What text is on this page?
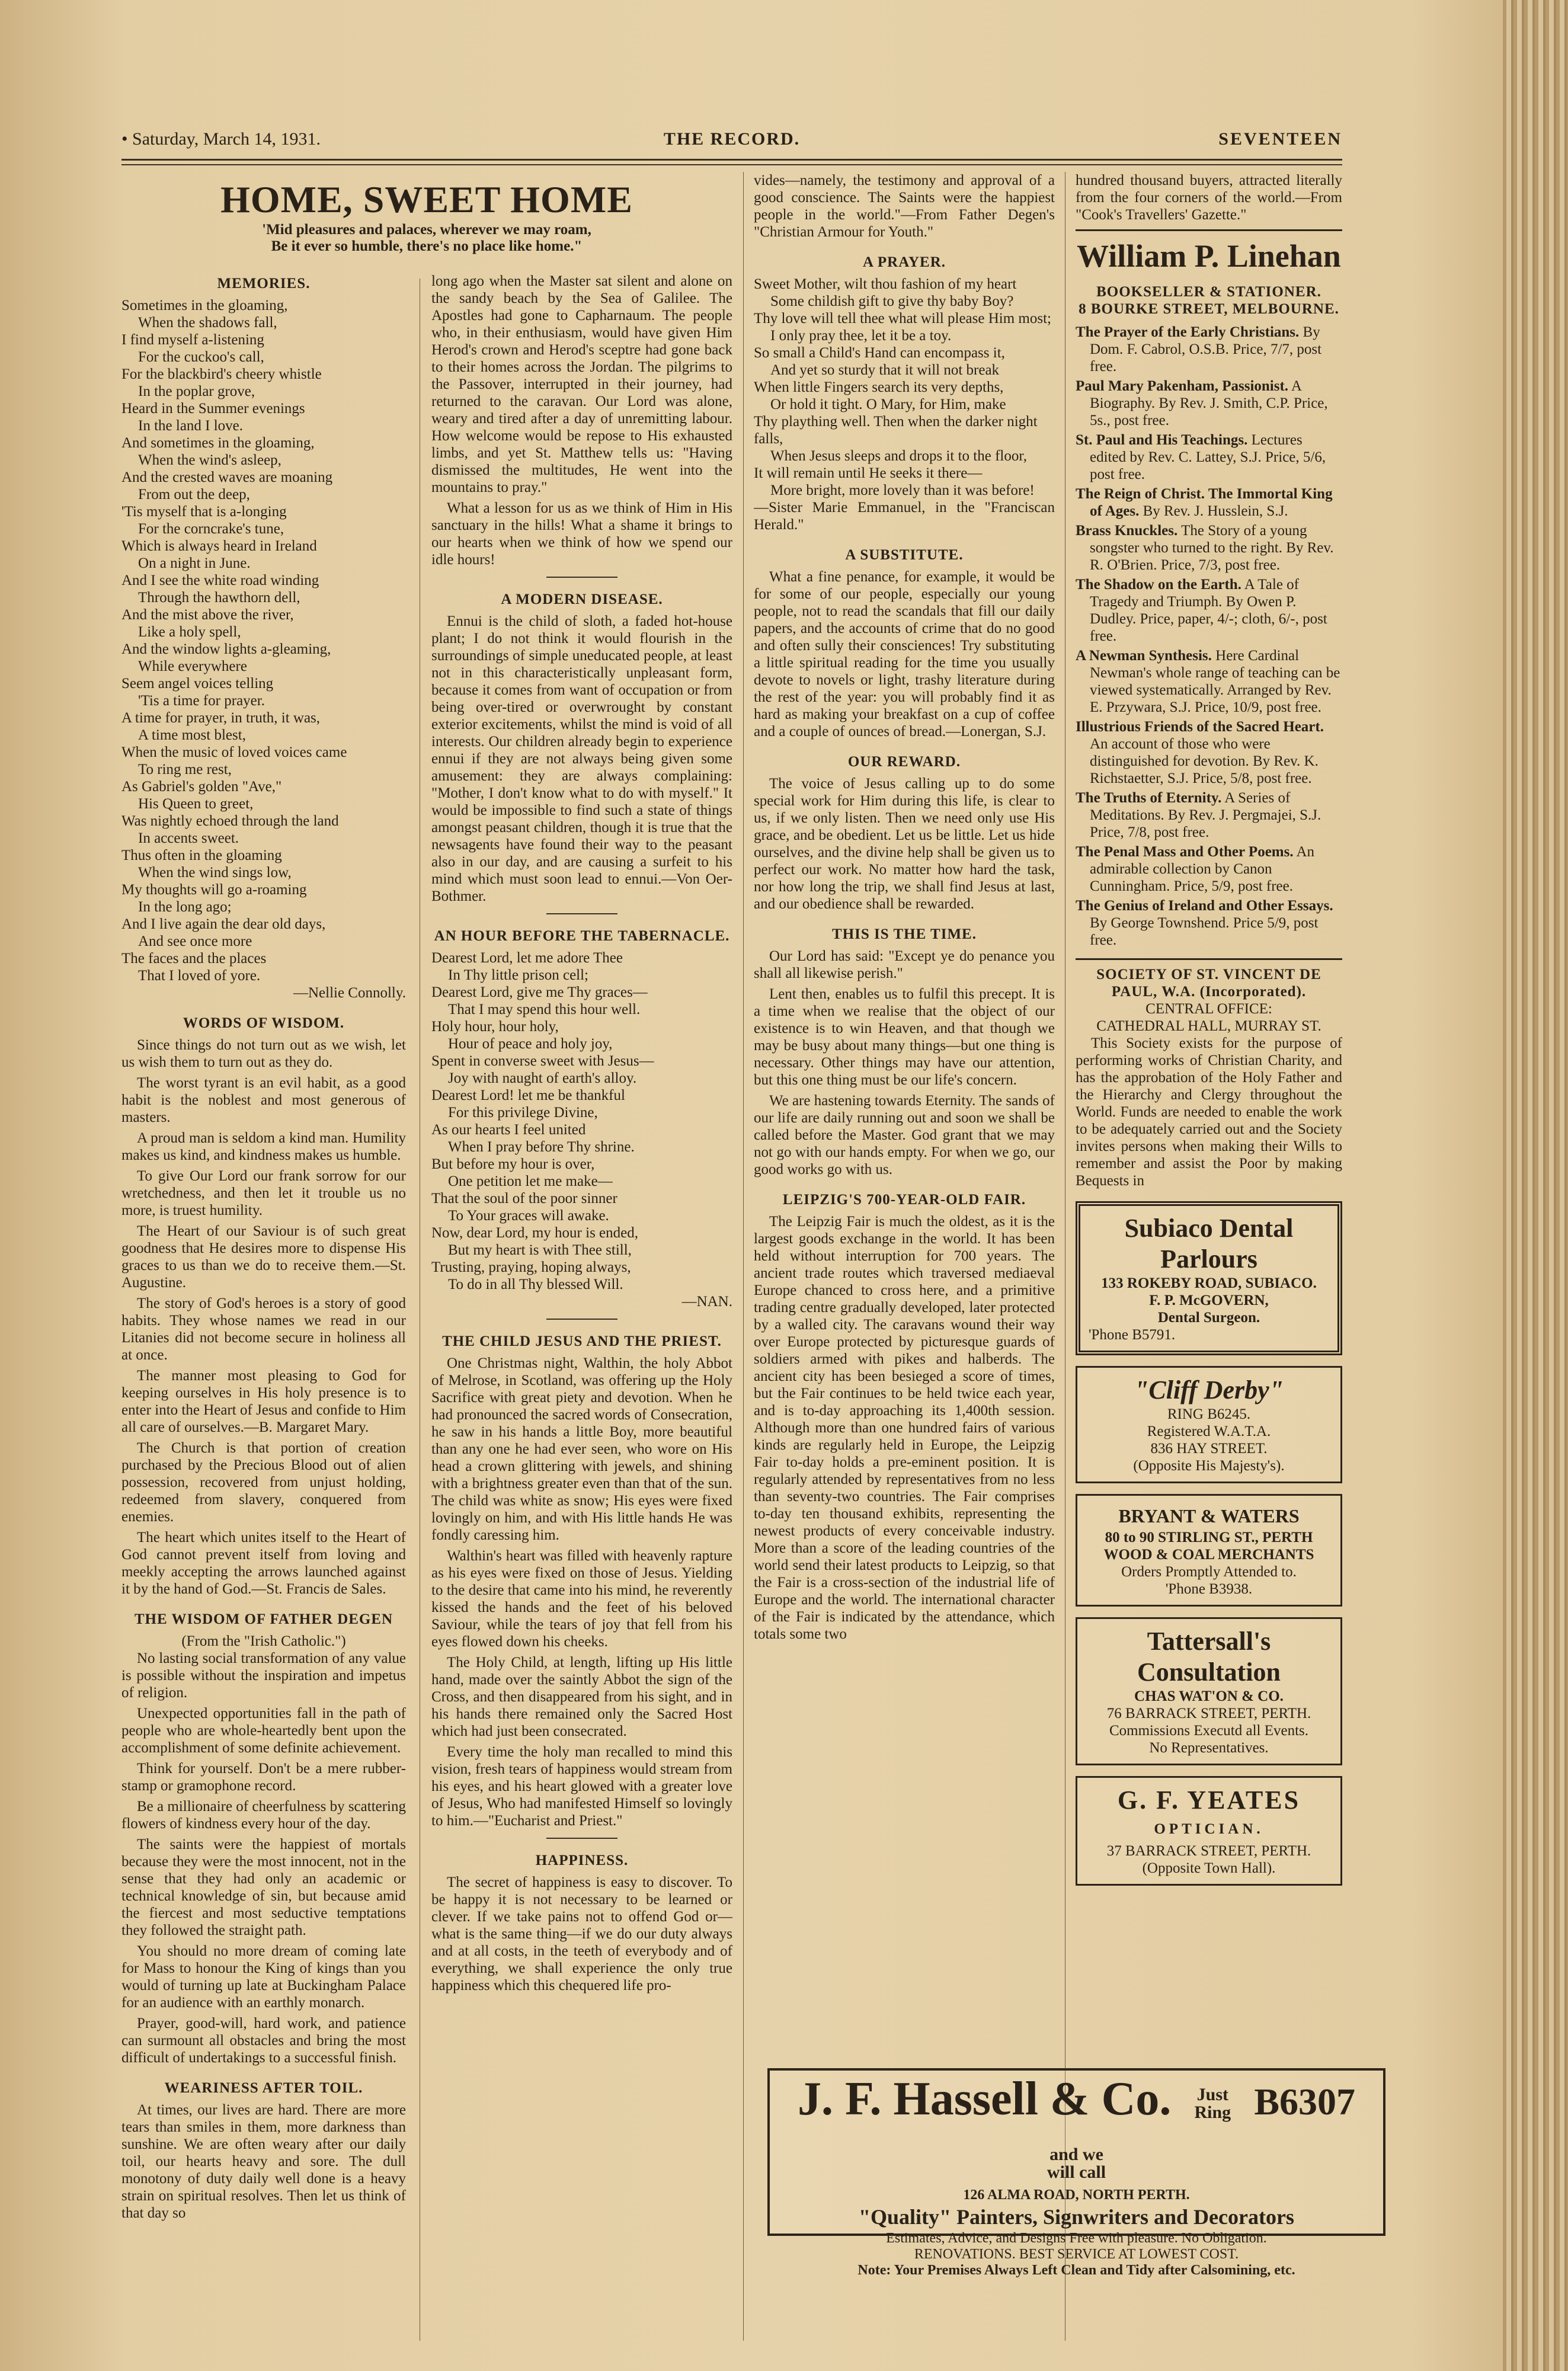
• Saturday, March 14, 1931.	THE RECORD.	SEVENTEEN
HOME, SWEET HOME
'Mid pleasures and palaces, wherever we may roam,
Be it ever so humble, there's no place like home."
MEMORIES.

Sometimes in the gloaming,

When the shadows fall,

I find myself a-listening

For the cuckoo's call,

For the blackbird's cheery whistle

In the poplar grove,

Heard in the Summer evenings

In the land I love.

And sometimes in the gloaming,

When the wind's asleep,

And the crested waves are moaning

From out the deep,

'Tis myself that is a-longing

For the corncrake's tune,

Which is always heard in Ireland

On a night in June.

And I see the white road winding

Through the hawthorn dell,

And the mist above the river,

Like a holy spell,

And the window lights a-gleaming,

While everywhere

Seem angel voices telling

'Tis a time for prayer.

A time for prayer, in truth, it was,

A time most blest,

When the music of loved voices came

To ring me rest,

As Gabriel's golden "Ave,"

His Queen to greet,

Was nightly echoed through the land

In accents sweet.

Thus often in the gloaming

When the wind sings low,

My thoughts will go a-roaming

In the long ago;

And I live again the dear old days,

And see once more

The faces and the places

That I loved of yore.

—Nellie Connolly.
WORDS OF WISDOM.

Since things do not turn out as we wish, let us wish them to turn out as they do.

The worst tyrant is an evil habit, as a good habit is the noblest and most generous of masters.

A proud man is seldom a kind man. Humility makes us kind, and kindness makes us humble.

To give Our Lord our frank sorrow for our wretchedness, and then let it trouble us no more, is truest humility.

The Heart of our Saviour is of such great goodness that He desires more to dispense His graces to us than we do to receive them.—St. Augustine.

The story of God's heroes is a story of good habits. They whose names we read in our Litanies did not become secure in holiness all at once.

The manner most pleasing to God for keeping ourselves in His holy presence is to enter into the Heart of Jesus and confide to Him all care of ourselves.—B. Margaret Mary.

The Church is that portion of creation purchased by the Precious Blood out of alien possession, recovered from unjust holding, redeemed from slavery, conquered from enemies.

The heart which unites itself to the Heart of God cannot prevent itself from loving and meekly accepting the arrows launched against it by the hand of God.—St. Francis de Sales.

THE WISDOM OF FATHER DEGEN
(From the "Irish Catholic.")

No lasting social transformation of any value is possible without the inspiration and impetus of religion.

Unexpected opportunities fall in the path of people who are whole-heartedly bent upon the accomplishment of some definite achievement.

Think for yourself. Don't be a mere rubber-stamp or gramophone record.

Be a millionaire of cheerfulness by scattering flowers of kindness every hour of the day.

The saints were the happiest of mortals because they were the most innocent, not in the sense that they had only an academic or technical knowledge of sin, but because amid the fiercest and most seductive temptations they followed the straight path.

You should no more dream of coming late for Mass to honour the King of kings than you would of turning up late at Buckingham Palace for an audience with an earthly monarch.

Prayer, good-will, hard work, and patience can surmount all obstacles and bring the most difficult of undertakings to a successful finish.

WEARINESS AFTER TOIL.

At times, our lives are hard. There are more tears than smiles in them, more darkness than sunshine. We are often weary after our daily toil, our hearts heavy and sore. The dull monotony of duty daily well done is a heavy strain on spiritual resolves. Then let us think of that day so

long ago when the Master sat silent and alone on the sandy beach by the Sea of Galilee. The Apostles had gone to Capharnaum. The people who, in their enthusiasm, would have given Him Herod's crown and Herod's sceptre had gone back to their homes across the Jordan. The pilgrims to the Passover, interrupted in their journey, had returned to the caravan. Our Lord was alone, weary and tired after a day of unremitting labour. How welcome would be repose to His exhausted limbs, and yet St. Matthew tells us: "Having dismissed the multitudes, He went into the mountains to pray."

What a lesson for us as we think of Him in His sanctuary in the hills! What a shame it brings to our hearts when we think of how we spend our idle hours!

A MODERN DISEASE.

Ennui is the child of sloth, a faded hot-house plant; I do not think it would flourish in the surroundings of simple uneducated people, at least not in this characteristically unpleasant form, because it comes from want of occupation or from being over-tired or overwrought by constant exterior excitements, whilst the mind is void of all interests. Our children already begin to experience ennui if they are not always being given some amusement: they are always complaining: "Mother, I don't know what to do with myself." It would be impossible to find such a state of things amongst peasant children, though it is true that the newsagents have found their way to the peasant also in our day, and are causing a surfeit to his mind which must soon lead to ennui.—Von Oer-Bothmer.

AN HOUR BEFORE THE TABERNACLE.

Dearest Lord, let me adore Thee

In Thy little prison cell;

Dearest Lord, give me Thy graces—

That I may spend this hour well.

Holy hour, hour holy,

Hour of peace and holy joy,

Spent in converse sweet with Jesus—

Joy with naught of earth's alloy.

Dearest Lord! let me be thankful

For this privilege Divine,

As our hearts I feel united

When I pray before Thy shrine.

But before my hour is over,

One petition let me make—

That the soul of the poor sinner

To Your graces will awake.

Now, dear Lord, my hour is ended,

But my heart is with Thee still,

Trusting, praying, hoping always,

To do in all Thy blessed Will.

—NAN.
THE CHILD JESUS AND THE PRIEST.

One Christmas night, Walthin, the holy Abbot of Melrose, in Scotland, was offering up the Holy Sacrifice with great piety and devotion. When he had pronounced the sacred words of Consecration, he saw in his hands a little Boy, more beautiful than any one he had ever seen, who wore on His head a crown glittering with jewels, and shining with a brightness greater even than that of the sun. The child was white as snow; His eyes were fixed lovingly on him, and with His little hands He was fondly caressing him.

Walthin's heart was filled with heavenly rapture as his eyes were fixed on those of Jesus. Yielding to the desire that came into his mind, he reverently kissed the hands and the feet of his beloved Saviour, while the tears of joy that fell from his eyes flowed down his cheeks.

The Holy Child, at length, lifting up His little hand, made over the saintly Abbot the sign of the Cross, and then disappeared from his sight, and in his hands there remained only the Sacred Host which had just been consecrated.

Every time the holy man recalled to mind this vision, fresh tears of happiness would stream from his eyes, and his heart glowed with a greater love of Jesus, Who had manifested Himself so lovingly to him.—"Eucharist and Priest."

HAPPINESS.

The secret of happiness is easy to discover. To be happy it is not necessary to be learned or clever. If we take pains not to offend God or—what is the same thing—if we do our duty always and at all costs, in the teeth of everybody and of everything, we shall experience the only true happiness which this chequered life pro-

vides—namely, the testimony and approval of a good conscience. The Saints were the happiest people in the world."—From Father Degen's "Christian Armour for Youth."

A PRAYER.

Sweet Mother, wilt thou fashion of my heart

Some childish gift to give thy baby Boy?

Thy love will tell thee what will please Him most;

I only pray thee, let it be a toy.

So small a Child's Hand can encompass it,

And yet so sturdy that it will not break

When little Fingers search its very depths,

Or hold it tight. O Mary, for Him, make

Thy plaything well. Then when the darker night falls,

When Jesus sleeps and drops it to the floor,

It will remain until He seeks it there—

More bright, more lovely than it was before!

—Sister Marie Emmanuel, in the "Franciscan Herald."
A SUBSTITUTE.

What a fine penance, for example, it would be for some of our people, especially our young people, not to read the scandals that fill our daily papers, and the accounts of crime that do no good and often sully their consciences! Try substituting a little spiritual reading for the time you usually devote to novels or light, trashy literature during the rest of the year: you will probably find it as hard as making your breakfast on a cup of coffee and a couple of ounces of bread.—Lonergan, S.J.

OUR REWARD.

The voice of Jesus calling up to do some special work for Him during this life, is clear to us, if we only listen. Then we need only use His grace, and be obedient. Let us be little. Let us hide ourselves, and the divine help shall be given us to perfect our work. No matter how hard the task, nor how long the trip, we shall find Jesus at last, and our obedience shall be rewarded.

THIS IS THE TIME.

Our Lord has said: "Except ye do penance you shall all likewise perish."

Lent then, enables us to fulfil this precept. It is a time when we realise that the object of our existence is to win Heaven, and that though we may be busy about many things—but one thing is necessary. Other things may have our attention, but this one thing must be our life's concern.

We are hastening towards Eternity. The sands of our life are daily running out and soon we shall be called before the Master. God grant that we may not go with our hands empty. For when we go, our good works go with us.

LEIPZIG'S 700-YEAR-OLD FAIR.

The Leipzig Fair is much the oldest, as it is the largest goods exchange in the world. It has been held without interruption for 700 years. The ancient trade routes which traversed mediaeval Europe chanced to cross here, and a primitive trading centre gradually developed, later protected by a walled city. The caravans wound their way over Europe protected by picturesque guards of soldiers armed with pikes and halberds. The ancient city has been besieged a score of times, but the Fair continues to be held twice each year, and is to-day approaching its 1,400th session. Although more than one hundred fairs of various kinds are regularly held in Europe, the Leipzig Fair to-day holds a pre-eminent position. It is regularly attended by representatives from no less than seventy-two countries. The Fair comprises to-day ten thousand exhibits, representing the newest products of every conceivable industry. More than a score of the leading countries of the world send their latest products to Leipzig, so that the Fair is a cross-section of the industrial life of Europe and the world. The international character of the Fair is indicated by the attendance, which totals some two

hundred thousand buyers, attracted literally from the four corners of the world.—From "Cook's Travellers' Gazette."

William P. Linehan
BOOKSELLER & STATIONER.
8 BOURKE STREET, MELBOURNE.

The Prayer of the Early Christians. By Dom. F. Cabrol, O.S.B. Price, 7/7, post free.

Paul Mary Pakenham, Passionist. A Biography. By Rev. J. Smith, C.P. Price, 5s., post free.

St. Paul and His Teachings. Lectures edited by Rev. C. Lattey, S.J. Price, 5/6, post free.

The Reign of Christ. The Immortal King of Ages. By Rev. J. Husslein, S.J.

Brass Knuckles. The Story of a young songster who turned to the right. By Rev. R. O'Brien. Price, 7/3, post free.

The Shadow on the Earth. A Tale of Tragedy and Triumph. By Owen P. Dudley. Price, paper, 4/-; cloth, 6/-, post free.

A Newman Synthesis. Here Cardinal Newman's whole range of teaching can be viewed systematically. Arranged by Rev. E. Przywara, S.J. Price, 10/9, post free.

Illustrious Friends of the Sacred Heart. An account of those who were distinguished for devotion. By Rev. K. Richstaetter, S.J. Price, 5/8, post free.

The Truths of Eternity. A Series of Meditations. By Rev. J. Pergmajei, S.J. Price, 7/8, post free.

The Penal Mass and Other Poems. An admirable collection by Canon Cunningham. Price, 5/9, post free.

The Genius of Ireland and Other Essays. By George Townshend. Price 5/9, post free.

SOCIETY OF ST. VINCENT DE PAUL, W.A. (Incorporated).
CENTRAL OFFICE:
CATHEDRAL HALL, MURRAY ST.

This Society exists for the purpose of performing works of Christian Charity, and has the approbation of the Holy Father and the Hierarchy and Clergy throughout the World. Funds are needed to enable the work to be adequately carried out and the Society invites persons when making their Wills to remember and assist the Poor by making Bequests in

Subiaco Dental Parlours
133 ROKEBY ROAD, SUBIACO.
F. P. McGOVERN,
Dental Surgeon.
'Phone B5791.
"Cliff Derby"
RING B6245.
Registered W.A.T.A.
836 HAY STREET.
(Opposite His Majesty's).
BRYANT & WATERS
80 to 90 STIRLING ST., PERTH
WOOD & COAL MERCHANTS
Orders Promptly Attended to.
'Phone B3938.
Tattersall's Consultation
CHAS WAT'ON & CO.
76 BARRACK STREET, PERTH.
Commissions Executd all Events.
No Representatives.
G. F. YEATES
OPTICIAN.
37 BARRACK STREET, PERTH.
(Opposite Town Hall).
J. F. Hassell & Co. Just Ring B6307 and we will call
126 ALMA ROAD, NORTH PERTH.
"Quality" Painters, Signwriters and Decorators
Estimates, Advice, and Designs Free with pleasure. No Obligation.
RENOVATIONS. BEST SERVICE AT LOWEST COST.
Note: Your Premises Always Left Clean and Tidy after Calsomining, etc.
